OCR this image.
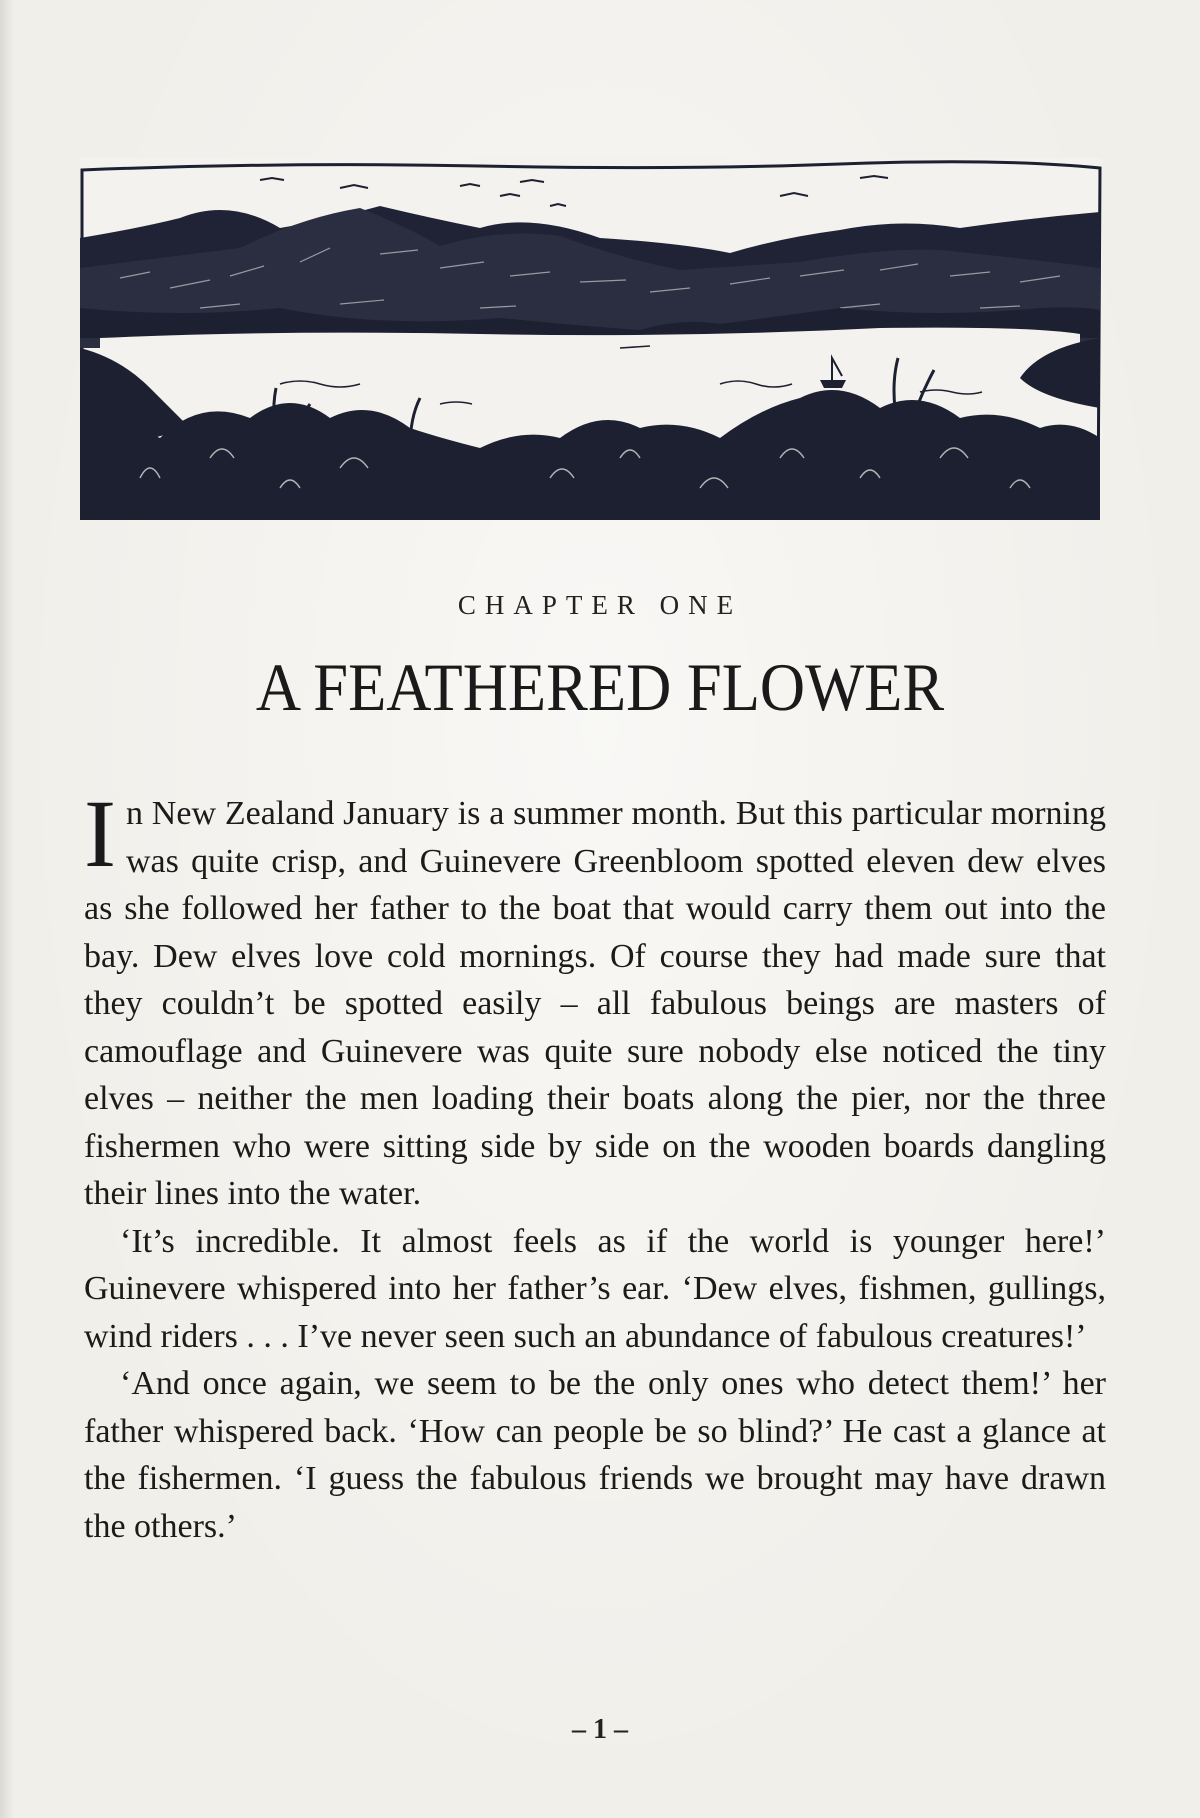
CHAPTER ONE
A FEATHERED FLOWER

In New Zealand January is a summer month. But this particular morning was quite crisp, and Guinevere Greenbloom spotted eleven dew elves as she followed her father to the boat that would carry them out into the bay. Dew elves love cold mornings. Of course they had made sure that they couldn’t be spotted easily – all fabulous beings are masters of camouflage and Guinevere was quite sure nobody else noticed the tiny elves – neither the men loading their boats along the pier, nor the three fishermen who were sitting side by side on the wooden boards dangling their lines into the water.

‘It’s incredible. It almost feels as if the world is younger here!’ Guinevere whispered into her father’s ear. ‘Dew elves, fishmen, gullings, wind riders . . . I’ve never seen such an abundance of fabulous creatures!’

‘And once again, we seem to be the only ones who detect them!’ her father whispered back. ‘How can people be so blind?’ He cast a glance at the fishermen. ‘I guess the fabulous friends we brought may have drawn the others.’

– 1 –
